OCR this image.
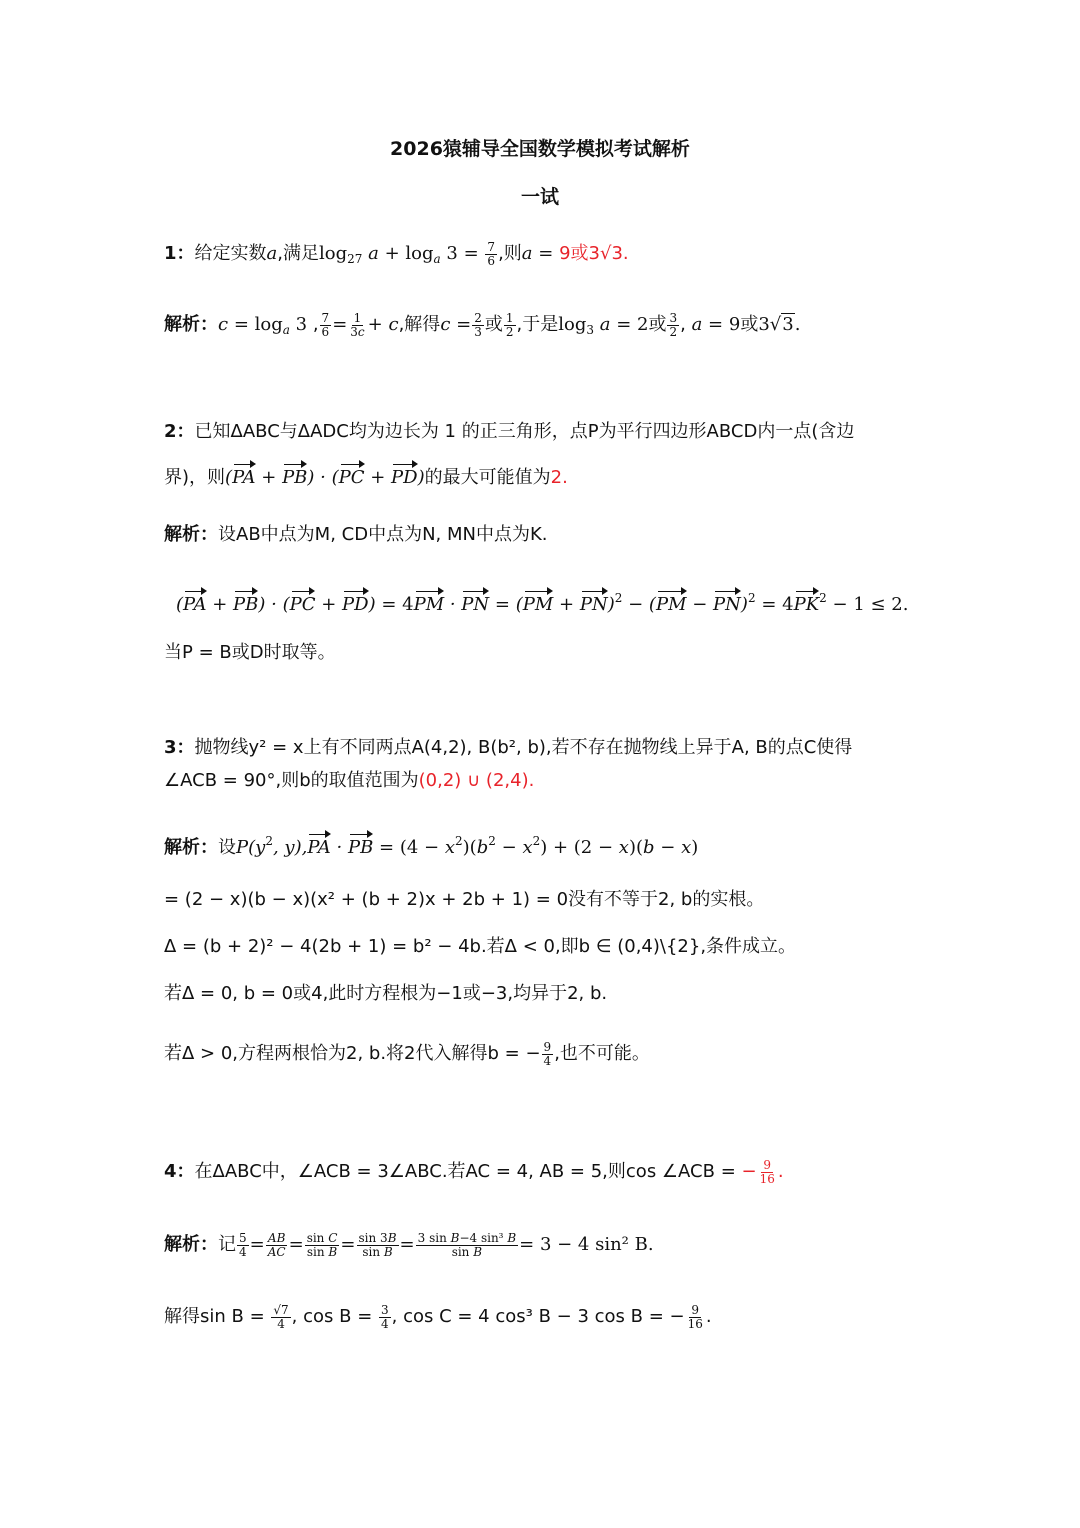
2026猿辅导全国数学模拟考试解析
一试
1：给定实数a,满足$\log_{27} a + \log_a 3 = \frac{7}{6}$ ,则a = 9或3√3.
解析：$c = \log_a 3$ , $\frac{7}{6} = \frac{1}{3c} + c$,解得$c = \frac{2}{3}$ 或 $\frac{1}{2}$ ,于是$\log_3 a = 2$或 $\frac{3}{2}$ , a = 9或3√3.
2：已知ΔABC与ΔADC均为边长为 1 的正三角形，点P为平行四边形ABCD内一点(含边
界)，则(PA + PB) · (PC + PD)的最大可能值为2.
解析：设AB中点为M, CD中点为N, MN中点为K.
(PA + PB) · (PC + PD) = 4PM · PN = $(PM + PN)^2 - (PM - PN)^2 = 4PK^2 - 1 \le 2$.
当P = B或D时取等。
3：抛物线y² = x上有不同两点A(4,2), B(b², b),若不存在抛物线上异于A, B的点C使得
∠ACB = 90°,则b的取值范围为(0,2) ∪ (2,4).
解析：设$P(y^2$, y),PA · PB = $(4 - x^2)(b^2 - x^2) + (2 - x)(b - x)$
= (2 − x)(b − x)(x² + (b + 2)x + 2b + 1) = 0没有不等于2, b的实根。
Δ = (b + 2)² − 4(2b + 1) = b² − 4b.若Δ < 0,即b ∈ (0,4)\{2},条件成立。
若Δ = 0, b = 0或4,此时方程根为−1或−3,均异于2, b.
若Δ > 0,方程两根恰为2, b.将2代入解得b = − $\frac{9}{4}$ ,也不可能。
4：在ΔABC中，∠ACB = 3∠ABC.若AC = 4, AB = 5,则cos ∠ACB = − $\frac{9}{16}$ .
解析：记 $\frac{5}{4} = \frac{AB}{AC} = \frac{\text{sin C}}{\text{sin B}} = \frac{\sin 3B}{\text{sin B}} = \frac{\text{3 sin B−4 sin³ B}}{\text{sin B}} = 3 - 4$ sin² B.
解得$\sin B = \frac{√7}{4}$ , $\cos B = \frac{3}{4}$ , cos C = 4 cos³ B − 3 cos B = − $\frac{9}{16}$ .
